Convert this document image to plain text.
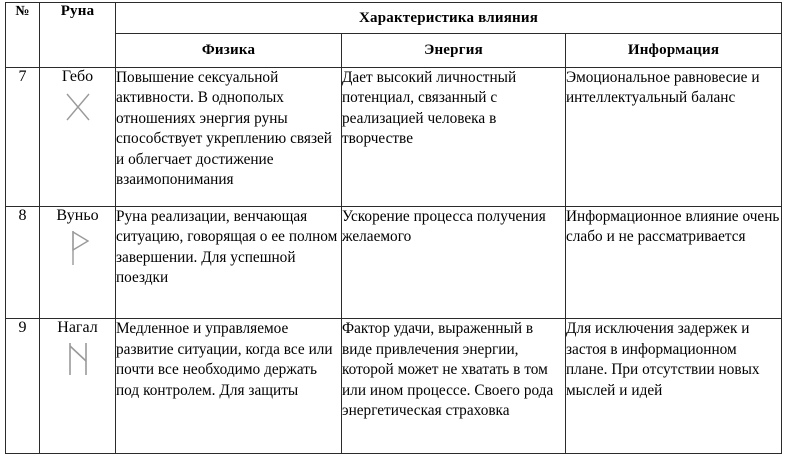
№	Руна	Характеристика влияния		
		Физика	Энергия	Информация
7	Гебо	Повышение сексуальной активности. В однополых отношениях энергия руны способствует укреплению связей и облегчает достижение взаимопонимания	Дает высокий личностный потенциал, связанный с реализацией человека в творчестве	Эмоциональное равновесие и интеллектуальный баланс
8	Вуньо	Руна реализации, венчающая ситуацию, говорящая о ее полном завершении. Для успешной поездки	Ускорение процесса получения желаемого	Информационное влияние очень слабо и не рассматривается
9	Нагал	Медленное и управляемое развитие ситуации, когда все или почти все необходимо держать под контролем. Для защиты	Фактор удачи, выраженный в виде привлечения энергии, которой может не хватать в том или ином процессе. Своего рода энергетическая страховка	Для исключения задержек и застоя в информационном плане. При отсутствии новых мыслей и идей
